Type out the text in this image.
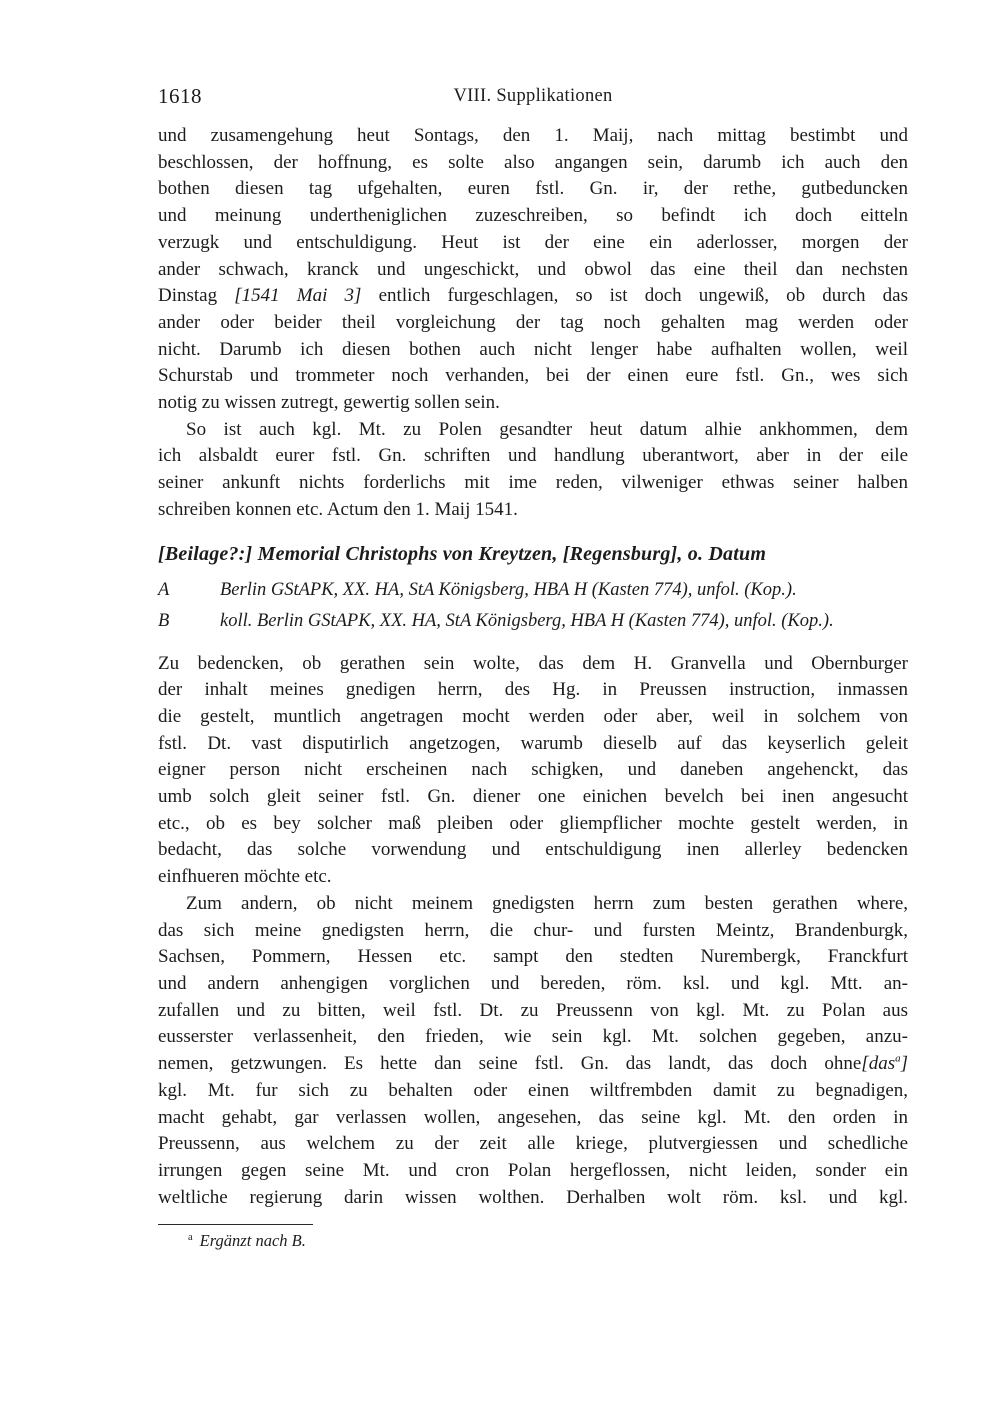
1618	VIII. Supplikationen
und zusamengehung heut Sontags, den 1. Maij, nach mittag bestimbt und
beschlossen, der hoffnung, es solte also angangen sein, darumb ich auch den
bothen diesen tag ufgehalten, euren fstl. Gn. ir, der rethe, gutbeduncken
und meinung undertheniglichen zuzeschreiben, so befindt ich doch eitteln
verzugk und entschuldigung. Heut ist der eine ein aderlosser, morgen der
ander schwach, kranck und ungeschickt, und obwol das eine theil dan nechsten
Dinstag [1541 Mai 3] entlich furgeschlagen, so ist doch ungewiß, ob durch das
ander oder beider theil vorgleichung der tag noch gehalten mag werden oder
nicht. Darumb ich diesen bothen auch nicht lenger habe aufhalten wollen, weil
Schurstab und trommeter noch verhanden, bei der einen eure fstl. Gn., wes sich
notig zu wissen zutregt, gewertig sollen sein.
So ist auch kgl. Mt. zu Polen gesandter heut datum alhie ankhommen, dem
ich alsbaldt eurer fstl. Gn. schriften und handlung uberantwort, aber in der eile
seiner ankunft nichts forderlichs mit ime reden, vilweniger ethwas seiner halben
schreiben konnen etc. Actum den 1. Maij 1541.
[Beilage?:] Memorial Christophs von Kreytzen, [Regensburg], o. Datum
A	Berlin GStAPK, XX. HA, StA Königsberg, HBA H (Kasten 774), unfol. (Kop.).
B	koll. Berlin GStAPK, XX. HA, StA Königsberg, HBA H (Kasten 774), unfol. (Kop.).
Zu bedencken, ob gerathen sein wolte, das dem H. Granvella und Obernburger
der inhalt meines gnedigen herrn, des Hg. in Preussen instruction, inmassen
die gestelt, muntlich angetragen mocht werden oder aber, weil in solchem von
fstl. Dt. vast disputirlich angetzogen, warumb dieselb auf das keyserlich geleit
eigner person nicht erscheinen nach schigken, und daneben angehenckt, das
umb solch gleit seiner fstl. Gn. diener one einichen bevelch bei inen angesucht
etc., ob es bey solcher maß pleiben oder gliempflicher mochte gestelt werden, in
bedacht, das solche vorwendung und entschuldigung inen allerley bedencken
einfhueren möchte etc.
Zum andern, ob nicht meinem gnedigsten herrn zum besten gerathen where,
das sich meine gnedigsten herrn, die chur- und fursten Meintz, Brandenburgk,
Sachsen, Pommern, Hessen etc. sampt den stedten Nurembergk, Franckfurt
und andern anhengigen vorglichen und bereden, röm. ksl. und kgl. Mtt. an-
zufallen und zu bitten, weil fstl. Dt. zu Preussenn von kgl. Mt. zu Polan aus
eusserster verlassenheit, den frieden, wie sein kgl. Mt. solchen gegeben, anzu-
nemen, getzwungen. Es hette dan seine fstl. Gn. das landt, das doch ohne[das$^a$]
kgl. Mt. fur sich zu behalten oder einen wiltfrembden damit zu begnadigen,
macht gehabt, gar verlassen wollen, angesehen, das seine kgl. Mt. den orden in
Preussenn, aus welchem zu der zeit alle kriege, plutvergiessen und schedliche
irrungen gegen seine Mt. und cron Polan hergeflossen, nicht leiden, sonder ein
weltliche regierung darin wissen wolthen. Derhalben wolt röm. ksl. und kgl.
$^a$ Ergänzt nach B.
